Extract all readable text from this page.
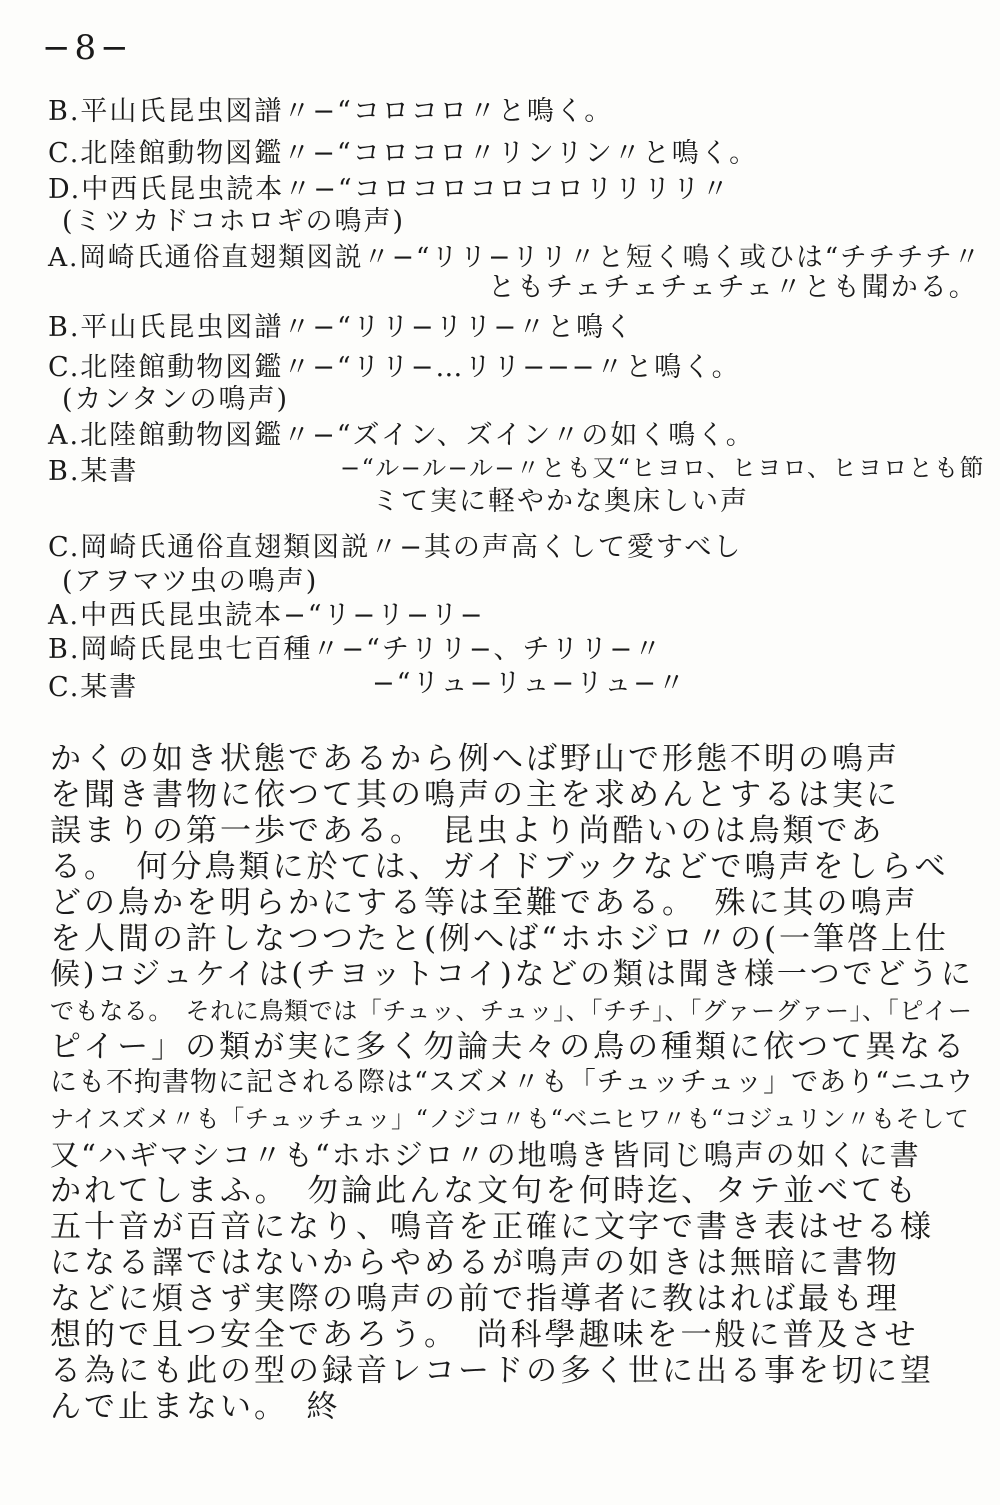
−8−
B.平山氏昆虫図譜〃−“コロコロ〃と鳴く。
C.北陸館動物図鑑〃−“コロコロ〃リンリン〃と鳴く。
D.中西氏昆虫読本〃−“コロコロコロコロリリリリ〃
(ミツカドコホロギの鳴声)
A.岡崎氏通俗直翅類図説〃−“リリ−リリ〃と短く鳴く或ひは“チチチチ〃
ともチェチェチェチェ〃とも聞かる。
B.平山氏昆虫図譜〃−“リリ−リリ−〃と鳴く
C.北陸館動物図鑑〃−“リリ−…リリ−−−〃と鳴く。
(カンタンの鳴声)
A.北陸館動物図鑑〃−“ズイン、ズイン〃の如く鳴く。
B.某書	−“ル−ル−ル−〃とも又“ヒヨロ、ヒヨロ、ヒヨロとも節
ミて実に軽やかな奥床しい声
C.岡崎氏通俗直翅類図説〃−其の声高くして愛すべし
(アヲマツ虫の鳴声)
A.中西氏昆虫読本−“リ−リ−リ−
B.岡崎氏昆虫七百種〃−“チリリ−、チリリ−〃
C.某書	−“リュ−リュ−リュ−〃
かくの如き状態であるから例へば野山で形態不明の鳴声
を聞き書物に依つて其の鳴声の主を求めんとするは実に
誤まりの第一歩である。　昆虫より尚酷いのは鳥類であ
る。　何分鳥類に於ては、ガイドブックなどで鳴声をしらべ
どの鳥かを明らかにする等は至難である。　殊に其の鳴声
を人間の許しなつつたと(例へば“ホホジロ〃の(一筆啓上仕
候)コジュケイは(チヨットコイ)などの類は聞き様一つでどうに
でもなる。　それに鳥類では「チュッ、チュッ」、「チチ」、「グァーグァー」、「ピイー
ピイー」の類が実に多く勿論夫々の鳥の種類に依つて異なる
にも不拘書物に記される際は“スズメ〃も「チュッチュッ」であり“ニユウ
ナイスズメ〃も「チュッチュッ」“ノジコ〃も“ベニヒワ〃も“コジュリン〃もそして
又“ハギマシコ〃も“ホホジロ〃の地鳴き皆同じ鳴声の如くに書
かれてしまふ。　勿論此んな文句を何時迄、タテ並べても
五十音が百音になり、鳴音を正確に文字で書き表はせる様
になる譯ではないからやめるが鳴声の如きは無暗に書物
などに煩さず実際の鳴声の前で指導者に教はれば最も理
想的で且つ安全であろう。　尚科學趣味を一般に普及させ
る為にも此の型の録音レコードの多く世に出る事を切に望
んで止まない。　終
